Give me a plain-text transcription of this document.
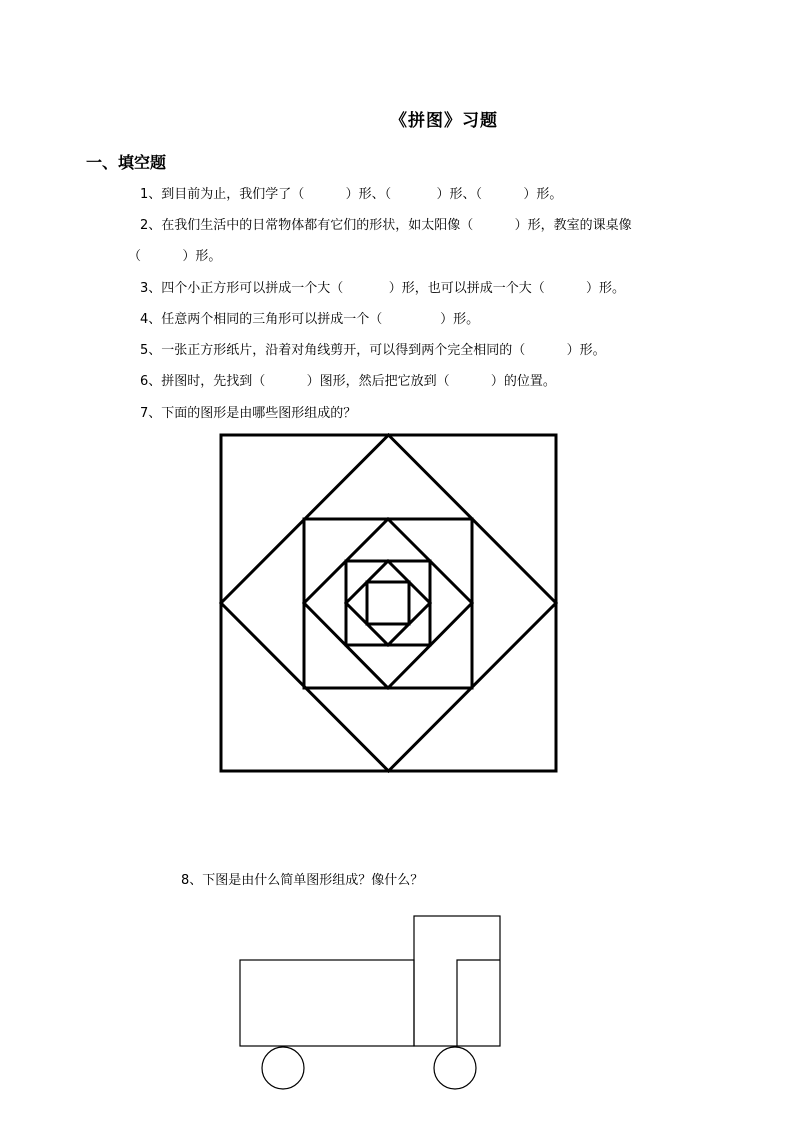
《拼图》习题
一、填空题
1、到目前为止，我们学了（          ）形、（           ）形、（          ）形。
2、在我们生活中的日常物体都有它们的形状，如太阳像（          ）形，教室的课桌像
（          ）形。
3、四个小正方形可以拼成一个大（           ）形，也可以拼成一个大（          ）形。
4、任意两个相同的三角形可以拼成一个（              ）形。
5、一张正方形纸片，沿着对角线剪开，可以得到两个完全相同的（          ）形。
6、拼图时，先找到（          ）图形，然后把它放到（          ）的位置。
7、下面的图形是由哪些图形组成的？
8、下图是由什么简单图形组成？像什么？
